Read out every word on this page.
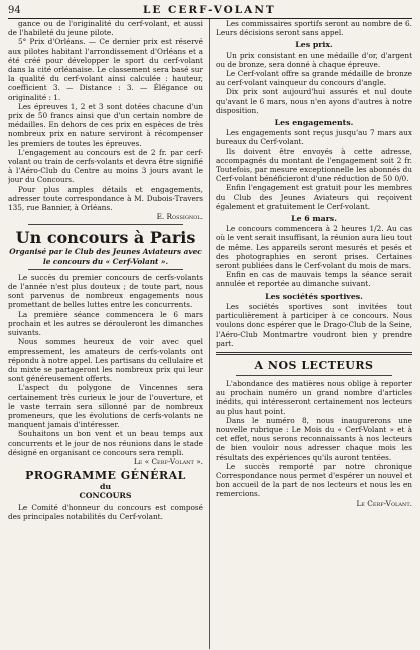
94	LE CERF-VOLANT

gance ou de l'originalité du cerf-volant, et aussi de l'habileté du jeune pilote.

5° Prix d'Orléans. — Ce dernier prix est réservé aux pilotes habitant l'arrondissement d'Orléans et a été créé pour développer le sport du cerf-volant dans la cité orléanaise. Le classement sera basé sur la qualité du cerf-volant ainsi calculée : hauteur, coefficient 3. — Distance : 3. — Élégance ou originalité : 1.

Les épreuves 1, 2 et 3 sont dotées chacune d'un prix de 50 francs ainsi que d'un certain nombre de médailles. En dehors de ces prix en espèces de très nombreux prix en nature serviront à récompenser les premiers de toutes les épreuves.

L'engagement au concours est de 2 fr. par cerf-volant ou train de cerfs-volants et devra être signifié à l'Aéro-Club du Centre au moins 3 jours avant le jour du Concours.

Pour plus amples détails et engagements, adresser toute correspondance à M. Dubois-Travers 135, rue Bannier, à Orléans.

E. Rossignol.

Un concours à Paris

Organisé par le Club des Jeunes Aviateurs avec le concours du « Cerf-Volant ».

Le succès du premier concours de cerfs-volants de l'année n'est plus douteux ; de toute part, nous sont parvenus de nombreux engagements nous promettant de belles luttes entre les concurrents.

La première séance commencera le 6 mars prochain et les autres se dérouleront les dimanches suivants.

Nous sommes heureux de voir avec quel empressement, les amateurs de cerfs-volants ont répondu à notre appel. Les partisans du cellulaire et du mixte se partageront les nombreux prix qui leur sont généreusement offerts.

L'aspect du polygone de Vincennes sera certainement très curieux le jour de l'ouverture, et le vaste terrain sera sillonné par de nombreux promeneurs, que les évolutions de cerfs-volants ne manquent jamais d'intéresser.

Souhaitons un bon vent et un beau temps aux concurrents et le jour de nos réunions dans le stade désigné en organisant ce concours sera rempli.

Le « Cerf-Volant ».

PROGRAMME GÉNÉRAL

du

CONCOURS

Le Comité d'honneur du concours est composé des principales notabilités du Cerf-volant.

Les commissaires sportifs seront au nombre de 6. Leurs décisions seront sans appel.

Les prix.

Un prix consistant en une médaille d'or, d'argent ou de bronze, sera donné à chaque épreuve.

Le Cerf-volant offre sa grande médaille de bronze au cerf-volant vainqueur du concours d'angle.

Dix prix sont aujourd'hui assurés et nul doute qu'avant le 6 mars, nous n'en ayons d'autres à notre disposition.

Les engagements.

Les engagements sont reçus jusqu'au 7 mars aux bureaux du Cerf-volant.

Ils doivent être envoyés à cette adresse, accompagnés du montant de l'engagement soit 2 fr. Toutefois, par mesure exceptionnelle les abonnés du Cerf-volant bénéficieront d'une réduction de 50 0/0.

Enfin l'engagement est gratuit pour les membres du Club des Jeunes Aviateurs qui reçoivent également et gratuitement le Cerf-volant.

Le 6 mars.

Le concours commencera à 2 heures 1/2. Au cas où le vent serait insuffisant, la réunion aura lieu tout de même. Les appareils seront mesurés et pesés et des photographies en seront prises. Certaines seront publiées dans le Cerf-volant du mois de mars.

Enfin en cas de mauvais temps la séance serait annulée et reportée au dimanche suivant.

Les sociétés sportives.

Les sociétés sportives sont invitées tout particulièrement à participer à ce concours. Nous voulons donc espérer que le Drago-Club de la Seine, l'Aéro-Club Montmartre voudront bien y prendre part.

A NOS LECTEURS

L'abondance des matières nous oblige à reporter au prochain numéro un grand nombre d'articles inédits, qui intéresseront certainement nos lecteurs au plus haut point.

Dans le numéro 8, nous inaugurerons une nouvelle rubrique : Le Mois du « Cerf-Volant » et à cet effet, nous serons reconnaissants à nos lecteurs de bien vouloir nous adresser chaque mois les résultats des expériences qu'ils auront tentées.

Le succès remporté par notre chronique Correspondance nous permet d'espérer un nouvel et bon accueil de la part de nos lecteurs et nous les en remercions.

Le Cerf-Volant.
